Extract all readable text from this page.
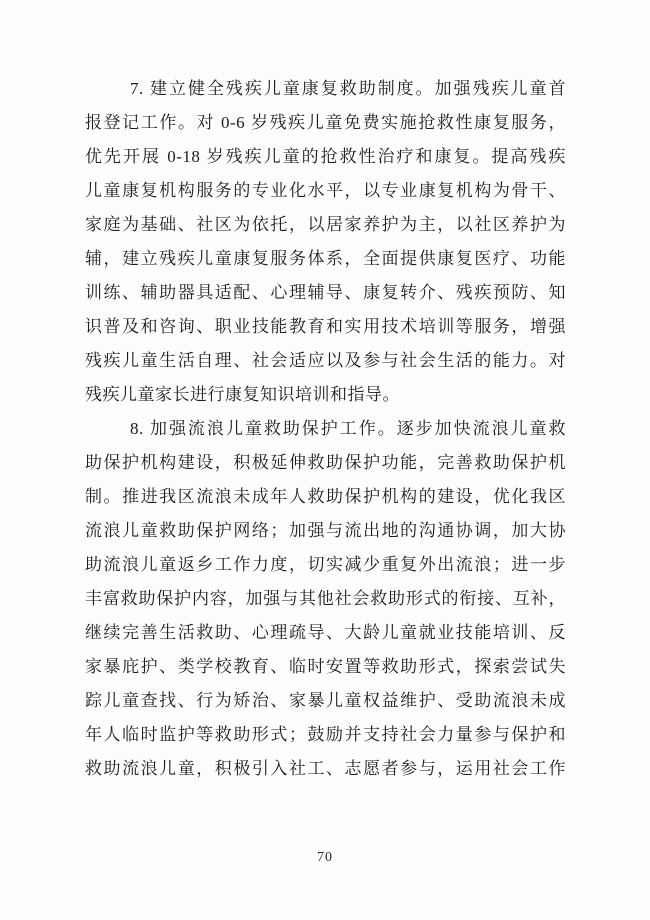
7. 建立健全残疾儿童康复救助制度。加强残疾儿童首
报登记工作。对 0-6 岁残疾儿童免费实施抢救性康复服务，
优先开展 0-18 岁残疾儿童的抢救性治疗和康复。提高残疾
儿童康复机构服务的专业化水平，以专业康复机构为骨干、
家庭为基础、社区为依托，以居家养护为主，以社区养护为
辅，建立残疾儿童康复服务体系，全面提供康复医疗、功能
训练、辅助器具适配、心理辅导、康复转介、残疾预防、知
识普及和咨询、职业技能教育和实用技术培训等服务，增强
残疾儿童生活自理、社会适应以及参与社会生活的能力。对
残疾儿童家长进行康复知识培训和指导。
8. 加强流浪儿童救助保护工作。逐步加快流浪儿童救
助保护机构建设，积极延伸救助保护功能，完善救助保护机
制。推进我区流浪未成年人救助保护机构的建设，优化我区
流浪儿童救助保护网络；加强与流出地的沟通协调，加大协
助流浪儿童返乡工作力度，切实减少重复外出流浪；进一步
丰富救助保护内容，加强与其他社会救助形式的衔接、互补，
继续完善生活救助、心理疏导、大龄儿童就业技能培训、反
家暴庇护、类学校教育、临时安置等救助形式，探索尝试失
踪儿童查找、行为矫治、家暴儿童权益维护、受助流浪未成
年人临时监护等救助形式；鼓励并支持社会力量参与保护和
救助流浪儿童，积极引入社工、志愿者参与，运用社会工作
70
